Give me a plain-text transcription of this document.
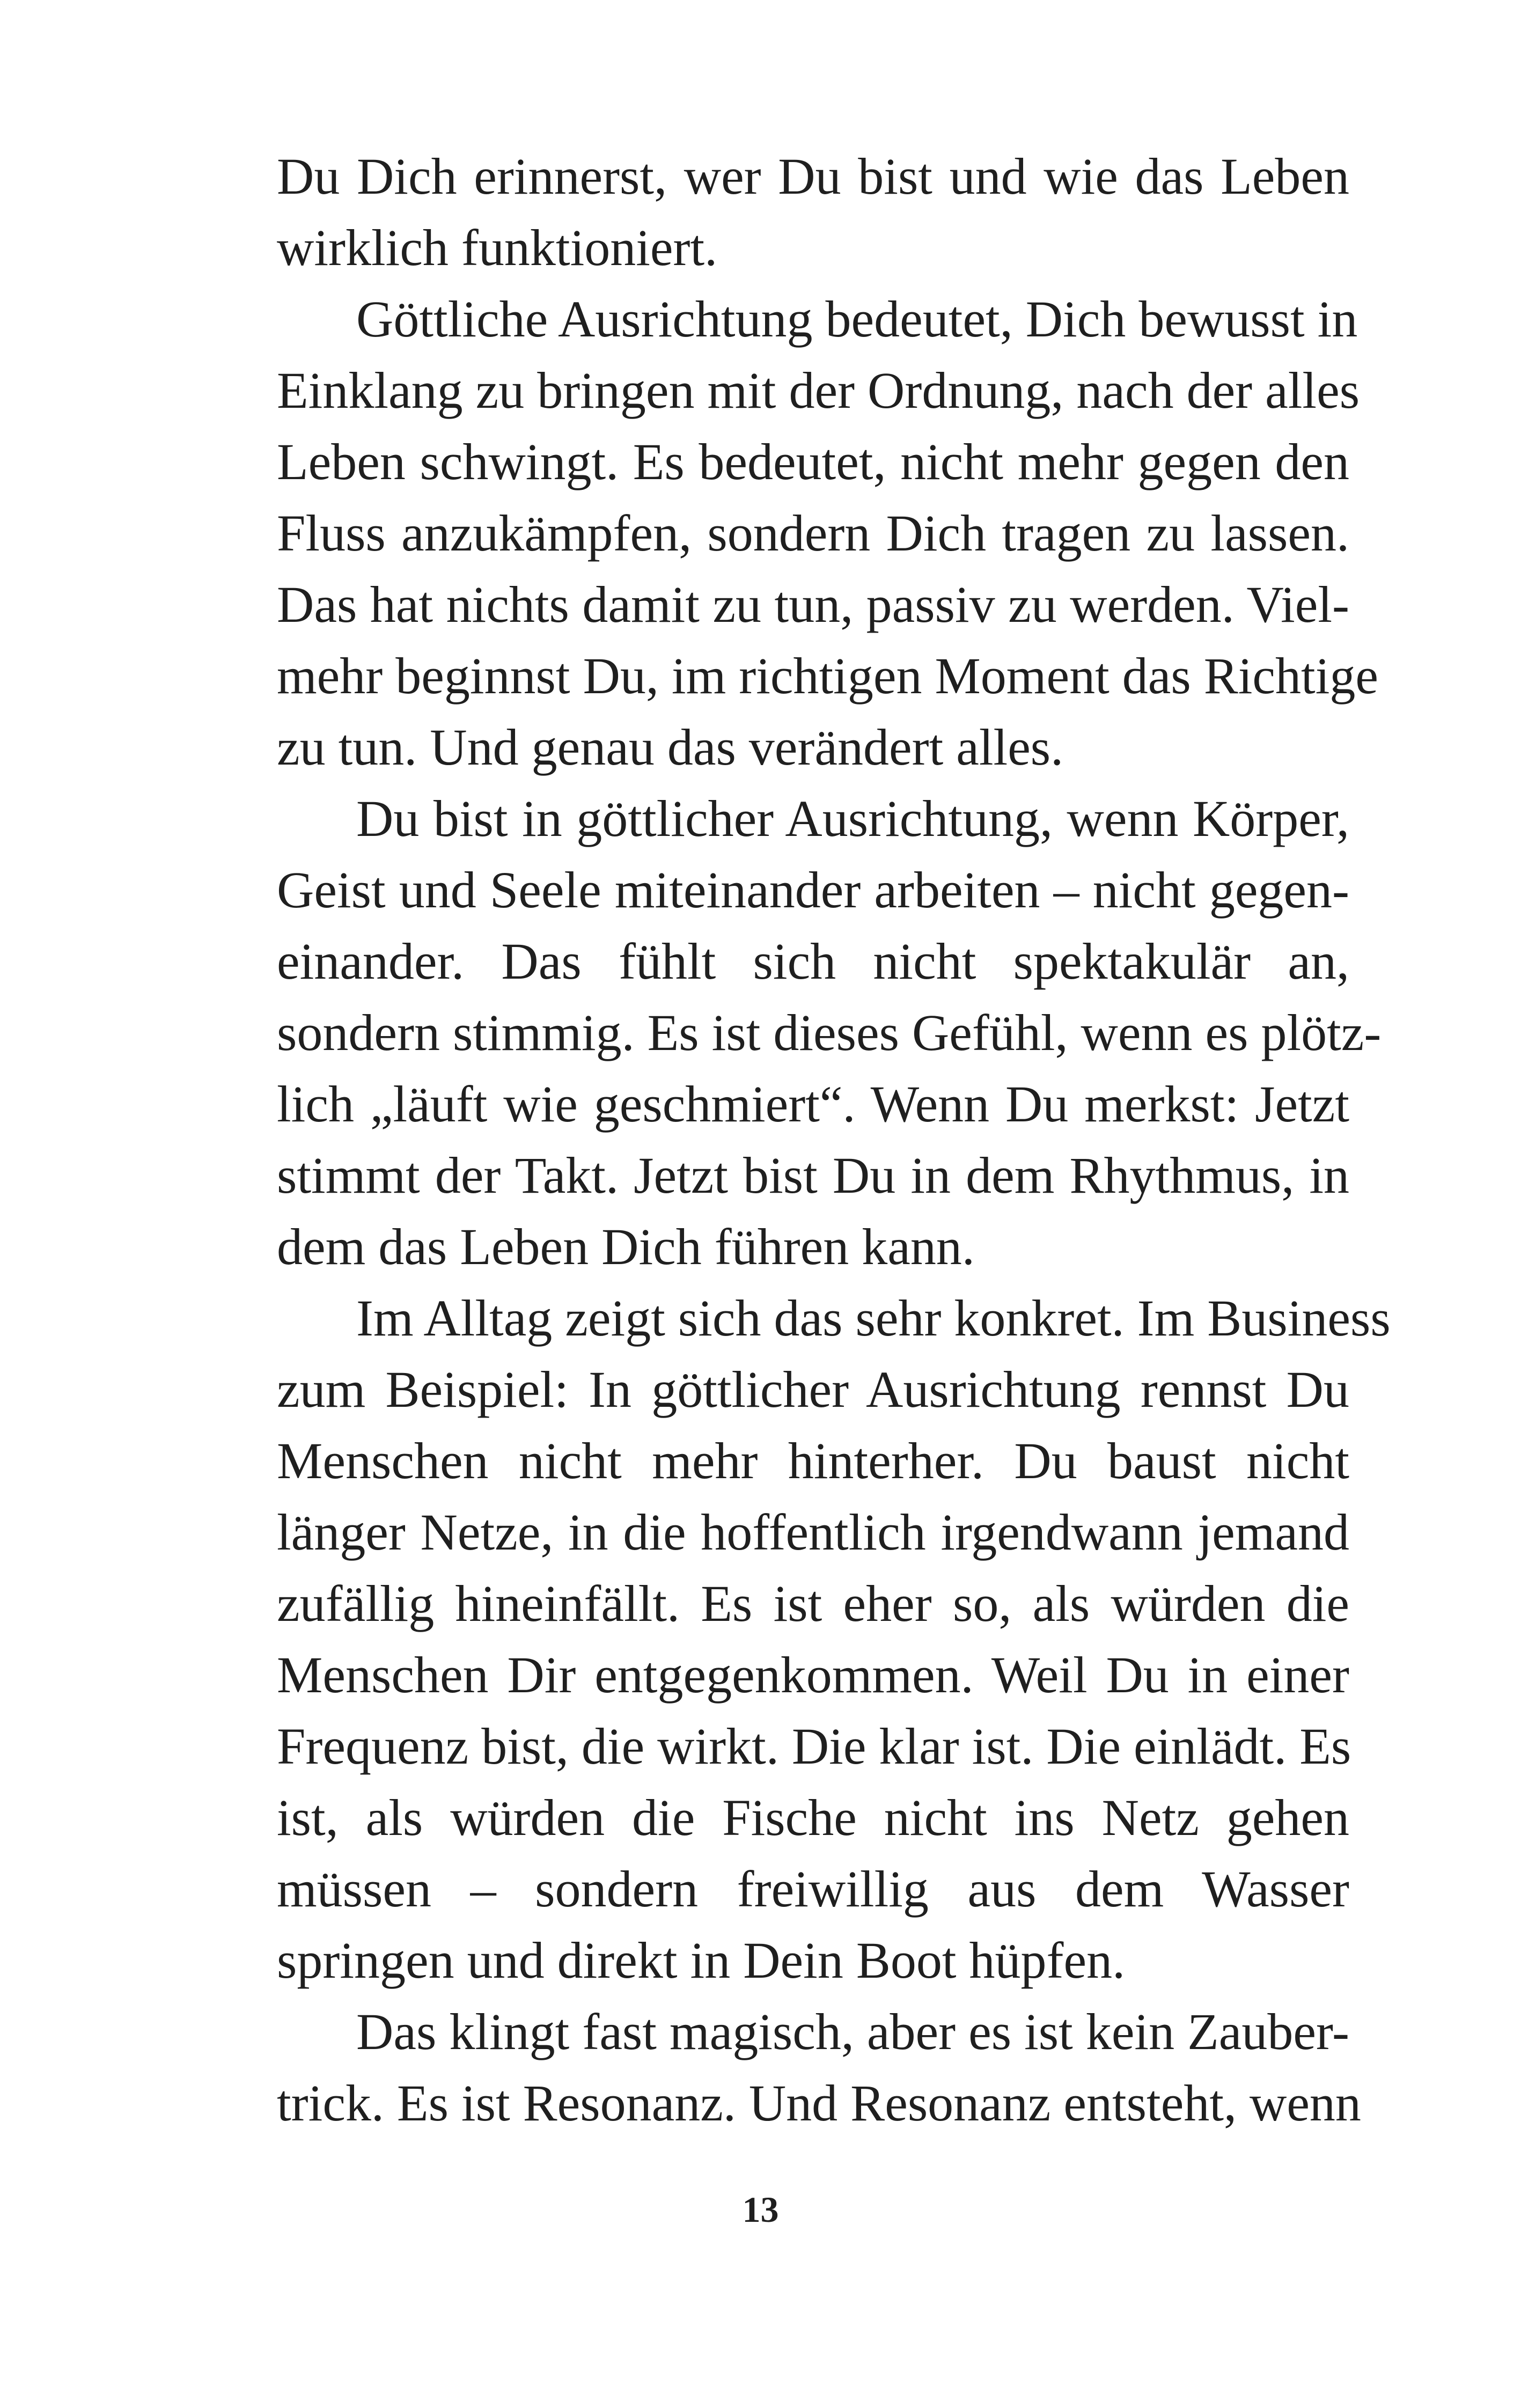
Du Dich erinnerst, wer Du bist und wie das Leben
wirklich funktioniert.
Göttliche Ausrichtung bedeutet, Dich bewusst in
Einklang zu bringen mit der Ordnung, nach der alles
Leben schwingt. Es bedeutet, nicht mehr gegen den
Fluss anzukämpfen, sondern Dich tragen zu lassen.
Das hat nichts damit zu tun, passiv zu werden. Viel-
mehr beginnst Du, im richtigen Moment das Richtige
zu tun. Und genau das verändert alles.
Du bist in göttlicher Ausrichtung, wenn Körper,
Geist und Seele miteinander arbeiten – nicht gegen-
einander. Das fühlt sich nicht spektakulär an,
sondern stimmig. Es ist dieses Gefühl, wenn es plötz-
lich „läuft wie geschmiert“. Wenn Du merkst: Jetzt
stimmt der Takt. Jetzt bist Du in dem Rhythmus, in
dem das Leben Dich führen kann.
Im Alltag zeigt sich das sehr konkret. Im Business
zum Beispiel: In göttlicher Ausrichtung rennst Du
Menschen nicht mehr hinterher. Du baust nicht
länger Netze, in die hoffentlich irgendwann jemand
zufällig hineinfällt. Es ist eher so, als würden die
Menschen Dir entgegenkommen. Weil Du in einer
Frequenz bist, die wirkt. Die klar ist. Die einlädt. Es
ist, als würden die Fische nicht ins Netz gehen
müssen – sondern freiwillig aus dem Wasser
springen und direkt in Dein Boot hüpfen.
Das klingt fast magisch, aber es ist kein Zauber-
trick. Es ist Resonanz. Und Resonanz entsteht, wenn
13
